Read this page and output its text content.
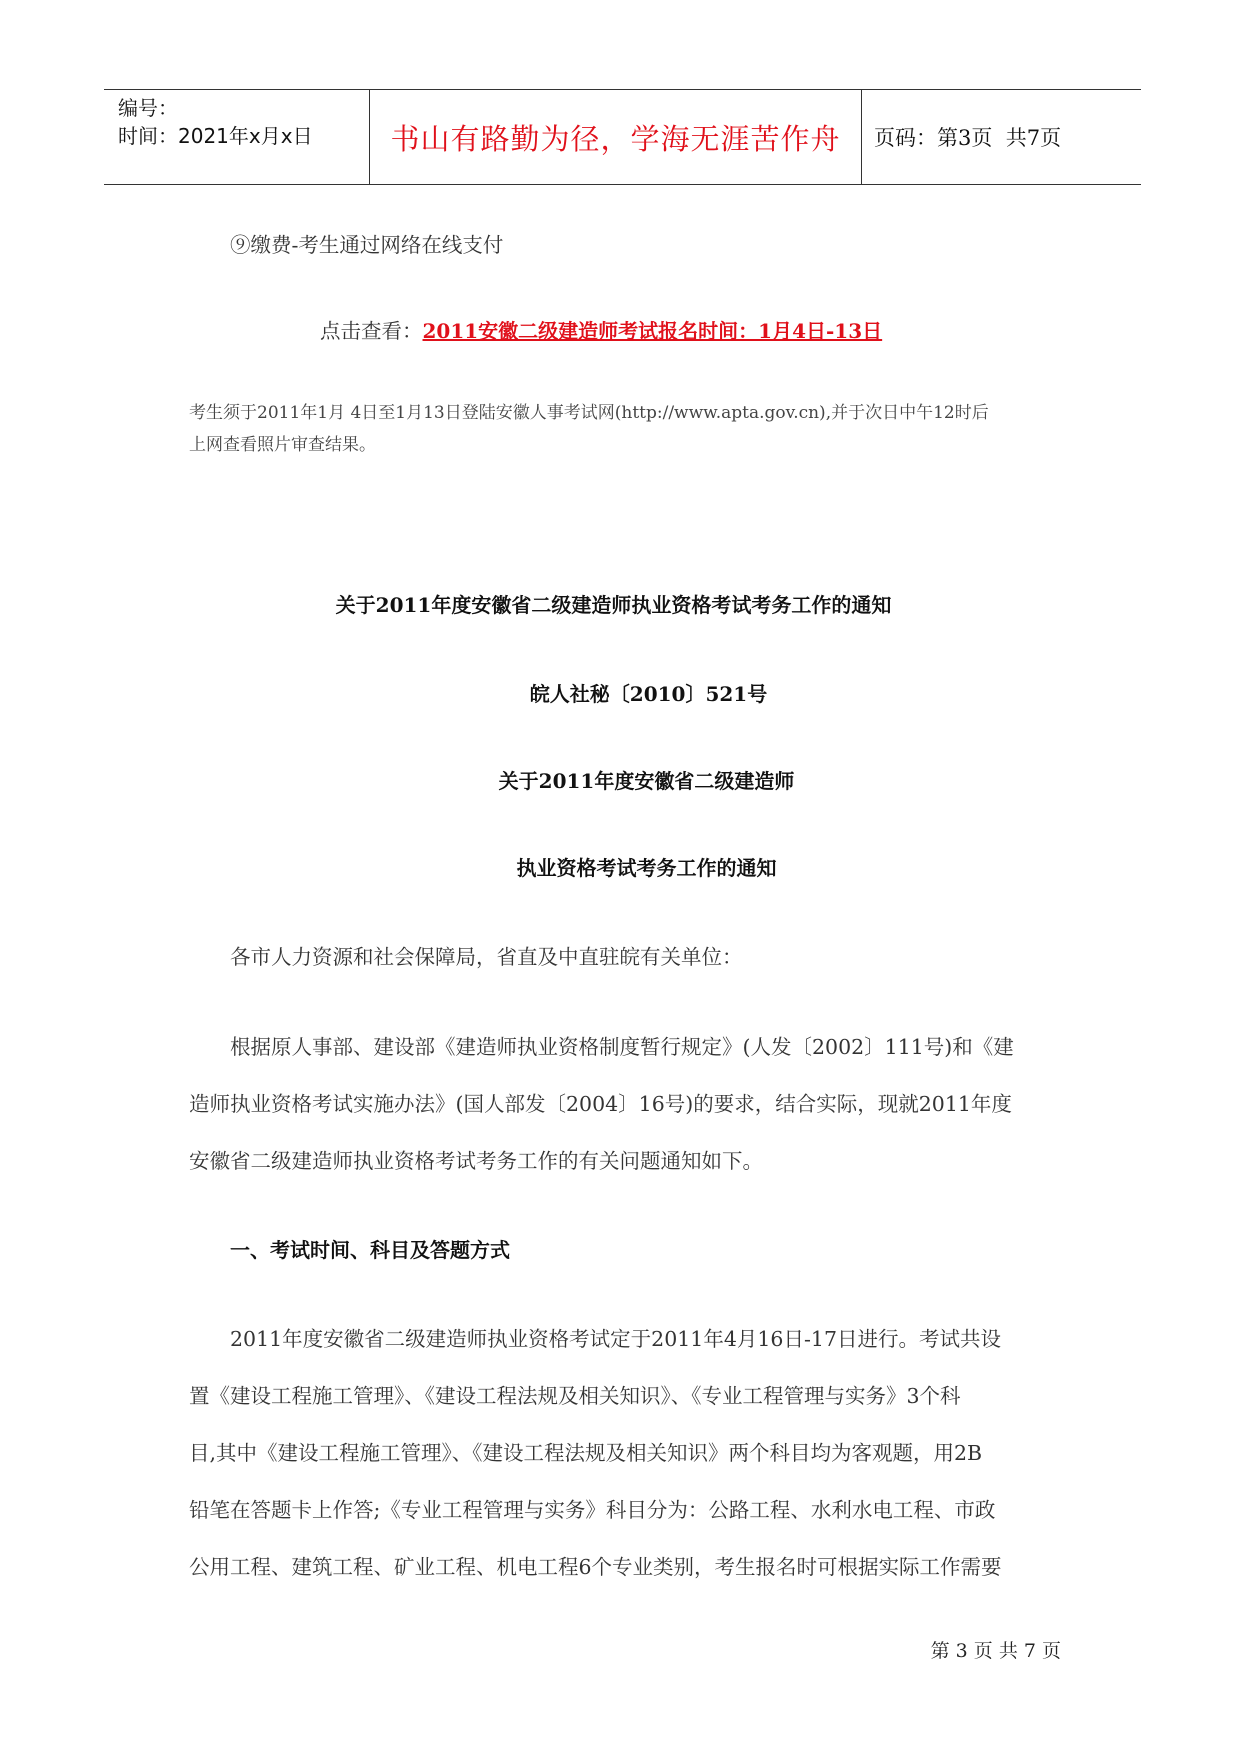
编号：
时间：2021年x月x日	书山有路勤为径，学海无涯苦作舟	页码：第3页  共7页
⑨缴费-考生通过网络在线支付
点击查看：2011安徽二级建造师考试报名时间：1月4日-13日
考生须于2011年1月 4日至1月13日登陆安徽人事考试网(http://www.apta.gov.cn),并于次日中午12时后
上网查看照片审查结果。
关于2011年度安徽省二级建造师执业资格考试考务工作的通知
皖人社秘〔2010〕521号
关于2011年度安徽省二级建造师
执业资格考试考务工作的通知
各市人力资源和社会保障局，省直及中直驻皖有关单位：
根据原人事部、建设部《建造师执业资格制度暂行规定》(人发〔2002〕111号)和《建
造师执业资格考试实施办法》(国人部发〔2004〕16号)的要求，结合实际，现就2011年度
安徽省二级建造师执业资格考试考务工作的有关问题通知如下。
一、考试时间、科目及答题方式
2011年度安徽省二级建造师执业资格考试定于2011年4月16日-17日进行。考试共设
置《建设工程施工管理》、《建设工程法规及相关知识》、《专业工程管理与实务》3个科
目,其中《建设工程施工管理》、《建设工程法规及相关知识》两个科目均为客观题，用2B
铅笔在答题卡上作答;《专业工程管理与实务》科目分为：公路工程、水利水电工程、市政
公用工程、建筑工程、矿业工程、机电工程6个专业类别，考生报名时可根据实际工作需要
第 3 页 共 7 页
